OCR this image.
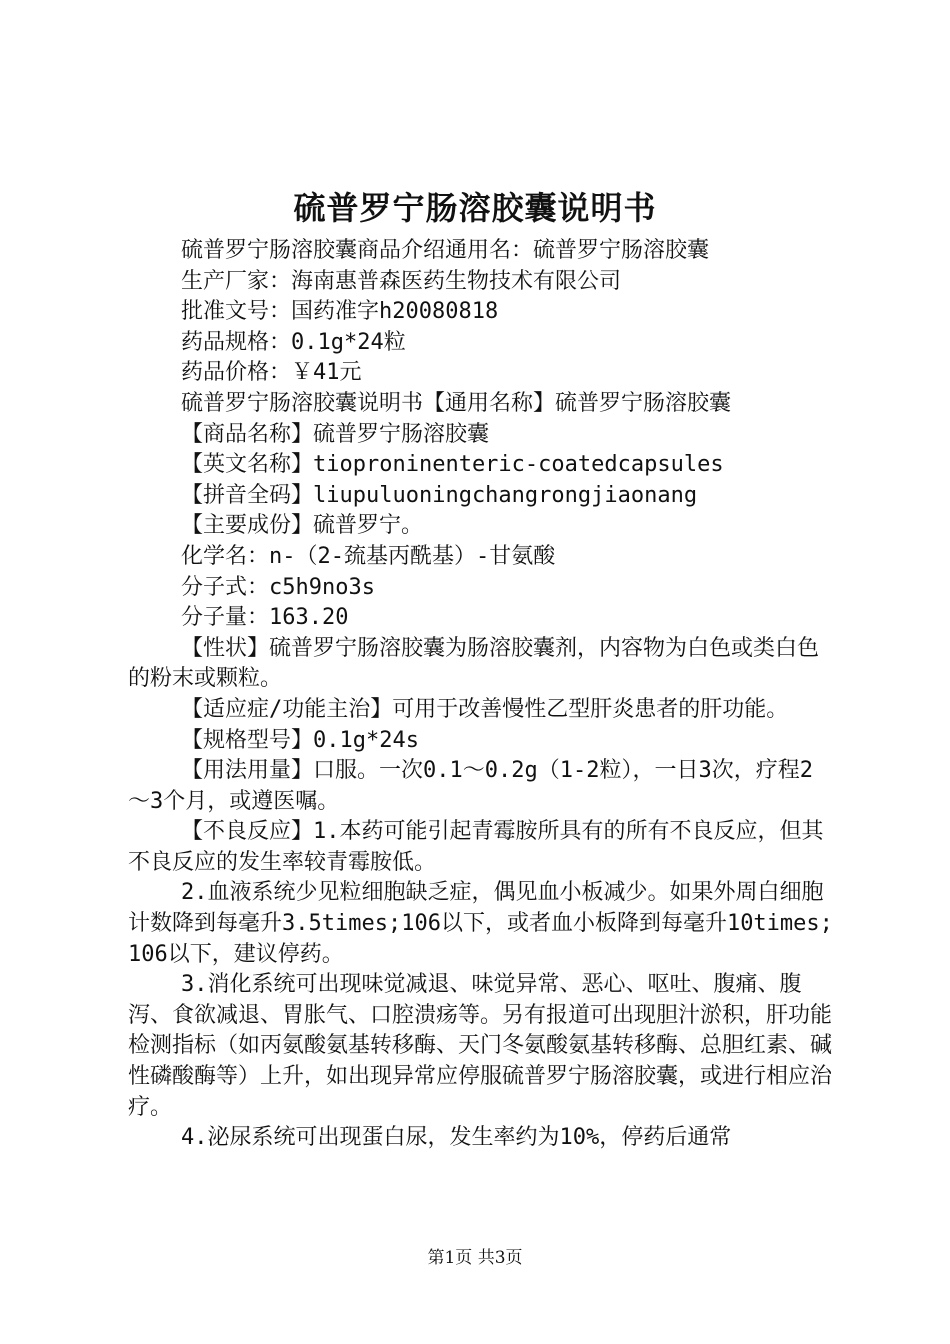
硫普罗宁肠溶胶囊说明书

硫普罗宁肠溶胶囊商品介绍通用名：硫普罗宁肠溶胶囊

生产厂家：海南惠普森医药生物技术有限公司

批准文号：国药准字h20080818

药品规格：0.1g*24粒

药品价格：￥41元

硫普罗宁肠溶胶囊说明书【通用名称】硫普罗宁肠溶胶囊

【商品名称】硫普罗宁肠溶胶囊

【英文名称】tioproninenteric-coatedcapsules

【拼音全码】liupuluoningchangrongjiaonang

【主要成份】硫普罗宁。

化学名：n-（2-巯基丙酰基）-甘氨酸

分子式：c5h9no3s

分子量：163.20

【性状】硫普罗宁肠溶胶囊为肠溶胶囊剂，内容物为白色或类白色的粉末或颗粒。

【适应症/功能主治】可用于改善慢性乙型肝炎患者的肝功能。

【规格型号】0.1g*24s

【用法用量】口服。一次0.1～0.2g（1-2粒），一日3次，疗程2～3个月，或遵医嘱。

【不良反应】1.本药可能引起青霉胺所具有的所有不良反应，但其不良反应的发生率较青霉胺低。

2.血液系统少见粒细胞缺乏症，偶见血小板减少。如果外周白细胞计数降到每毫升3.5times;106以下，或者血小板降到每毫升10times;106以下，建议停药。

3.消化系统可出现味觉减退、味觉异常、恶心、呕吐、腹痛、腹泻、食欲减退、胃胀气、口腔溃疡等。另有报道可出现胆汁淤积，肝功能检测指标（如丙氨酸氨基转移酶、天门冬氨酸氨基转移酶、总胆红素、碱性磷酸酶等）上升，如出现异常应停服硫普罗宁肠溶胶囊，或进行相应治疗。

4.泌尿系统可出现蛋白尿，发生率约为10%，停药后通常

第1页 共3页
